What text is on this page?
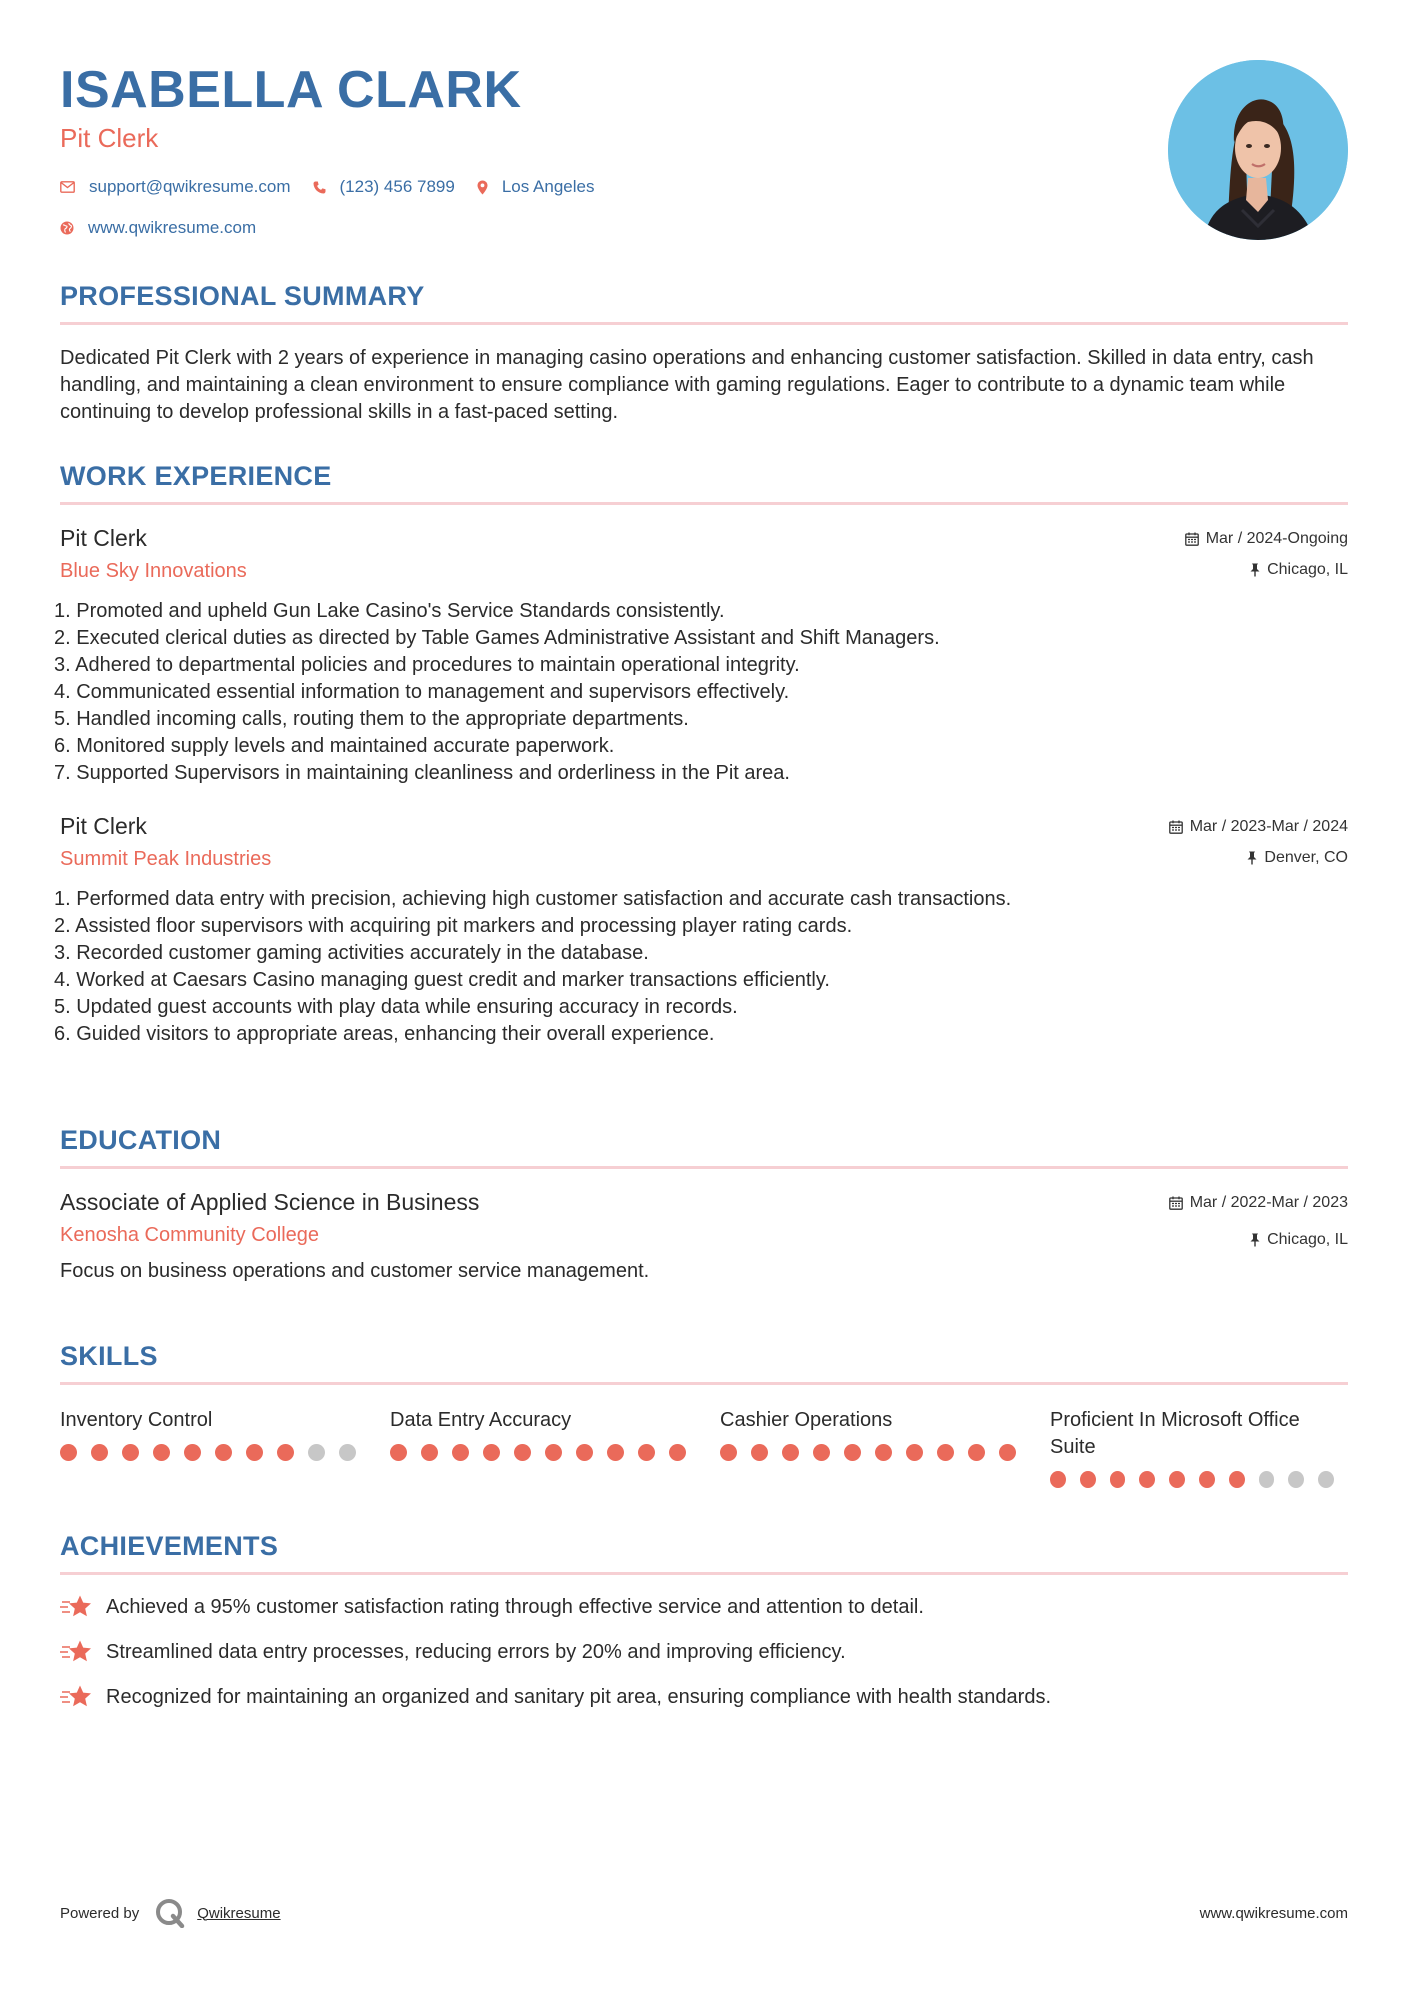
ISABELLA CLARK
Pit Clerk
support@qwikresume.com	(123) 456 7899	Los Angeles
www.qwikresume.com
PROFESSIONAL SUMMARY
Dedicated Pit Clerk with 2 years of experience in managing casino operations and enhancing customer satisfaction. Skilled in data entry, cash handling, and maintaining a clean environment to ensure compliance with gaming regulations. Eager to contribute to a dynamic team while continuing to develop professional skills in a fast-paced setting.
WORK EXPERIENCE
Pit Clerk
Blue Sky Innovations
Mar / 2024-Ongoing
Chicago, IL
1. Promoted and upheld Gun Lake Casino's Service Standards consistently.
2. Executed clerical duties as directed by Table Games Administrative Assistant and Shift Managers.
3. Adhered to departmental policies and procedures to maintain operational integrity.
4. Communicated essential information to management and supervisors effectively.
5. Handled incoming calls, routing them to the appropriate departments.
6. Monitored supply levels and maintained accurate paperwork.
7. Supported Supervisors in maintaining cleanliness and orderliness in the Pit area.
Pit Clerk
Summit Peak Industries
Mar / 2023-Mar / 2024
Denver, CO
1. Performed data entry with precision, achieving high customer satisfaction and accurate cash transactions.
2. Assisted floor supervisors with acquiring pit markers and processing player rating cards.
3. Recorded customer gaming activities accurately in the database.
4. Worked at Caesars Casino managing guest credit and marker transactions efficiently.
5. Updated guest accounts with play data while ensuring accuracy in records.
6. Guided visitors to appropriate areas, enhancing their overall experience.
EDUCATION
Associate of Applied Science in Business
Kenosha Community College
Mar / 2022-Mar / 2023
Chicago, IL
Focus on business operations and customer service management.
SKILLS
Inventory Control	Data Entry Accuracy	Cashier Operations	Proficient In Microsoft Office Suite
ACHIEVEMENTS
Achieved a 95% customer satisfaction rating through effective service and attention to detail.
Streamlined data entry processes, reducing errors by 20% and improving efficiency.
Recognized for maintaining an organized and sanitary pit area, ensuring compliance with health standards.
Powered by	Qwikresume	www.qwikresume.com
